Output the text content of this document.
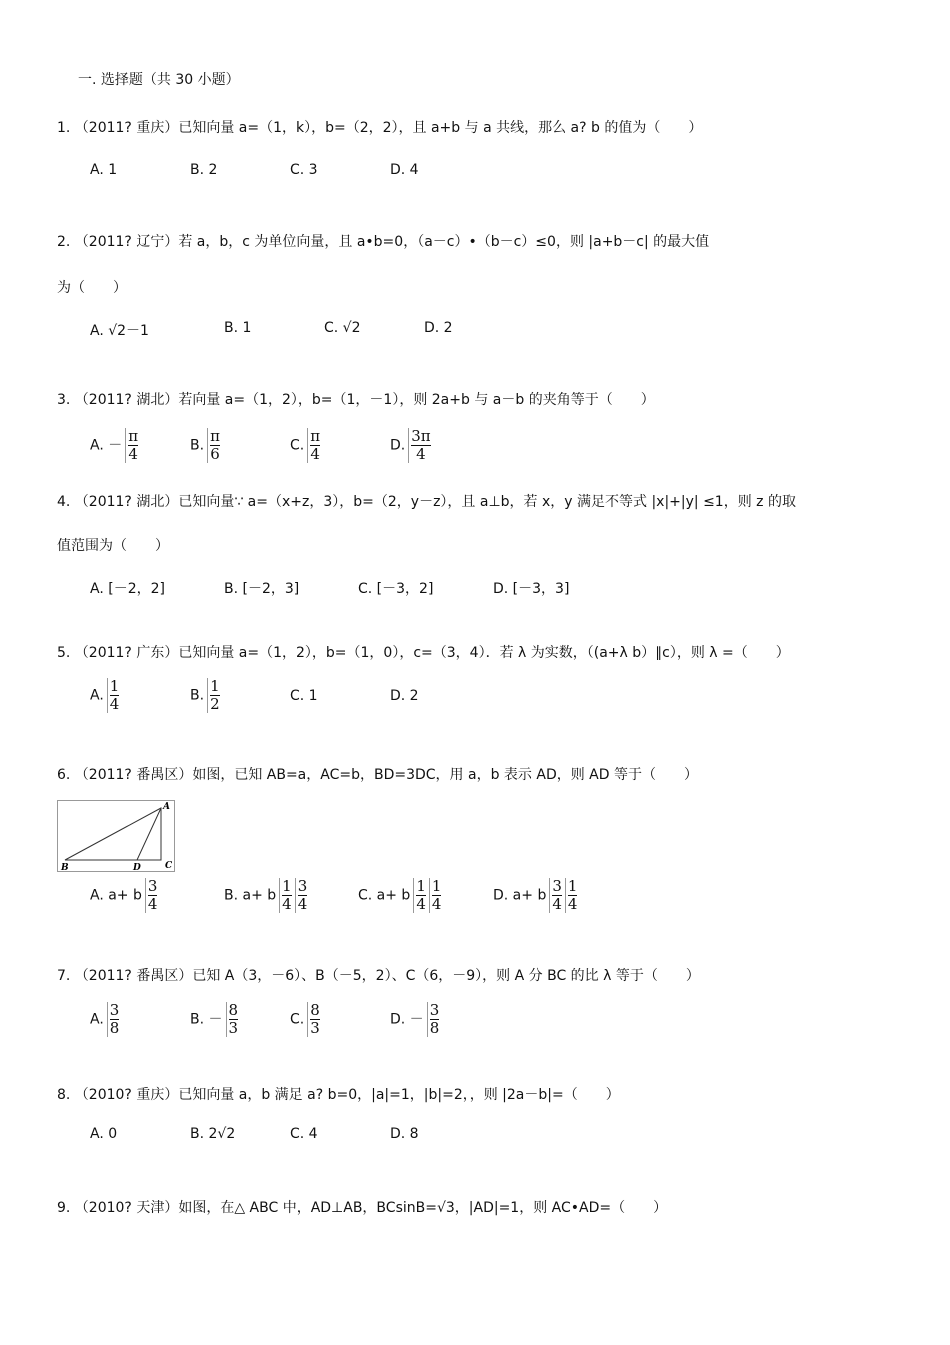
一. 选择题（共 30 小题）
1. （2011? 重庆）已知向量 a=（1，k），b=（2，2），且 a+b 与 a 共线，那么 a? b 的值为（　　）
A. 1	B. 2	C. 3	D. 4
2. （2011? 辽宁）若 a，b，c 为单位向量，且 a•b=0，（a－c）•（b－c）≤0，则 |a+b－c| 的最大值
为（　　）
A. √2－1	B. 1	C. √2	D. 2
3. （2011? 湖北）若向量 a=（1，2），b=（1，－1），则 2a+b 与 a－b 的夹角等于（　　）
A. － $\frac{\pi}{4}$	B. $\frac{\pi}{6}$	C. $\frac{\pi}{4}$	D. $\frac{3\pi}{4}$
4. （2011? 湖北）已知向量∵ a=（x+z，3），b=（2，y－z），且 a⊥b，若 x，y 满足不等式 |x|+|y| ≤1，则 z 的取
值范围为（　　）
A. [－2，2]	B. [－2，3]	C. [－3，2]	D. [－3，3]
5. （2011? 广东）已知向量 a=（1，2），b=（1，0），c=（3，4）．若 λ 为实数，（(a+λ b）∥c），则 λ =（　　）
A. $\frac{1}{4}$	B. $\frac{1}{2}$	C. 1	D. 2
6. （2011? 番禺区）如图，已知 AB=a，AC=b，BD=3DC，用 a，b 表示 AD，则 AD 等于（　　）
A
B	D	C
A. a+ b $\frac{3}{4}$	B. a+ b $\frac{1}{4} \frac{3}{4}$	C. a+ b $\frac{1}{4} \frac{1}{4}$	D. a+ b $\frac{3}{4} \frac{1}{4}$
7. （2011? 番禺区）已知 A（3，－6）、B（－5，2）、C（6，－9），则 A 分 BC 的比 λ 等于（　　）
A. $\frac{3}{8}$	B. － $\frac{8}{3}$	C. $\frac{8}{3}$	D. － $\frac{3}{8}$
8. （2010? 重庆）已知向量 a，b 满足 a? b=0，|a|=1，|b|=2，，则 |2a－b|=（　　）
A. 0	B. 2√2	C. 4	D. 8
9. （2010? 天津）如图，在△ ABC 中，AD⊥AB，BCsinB=√3，|AD|=1，则 AC•AD=（　　）
